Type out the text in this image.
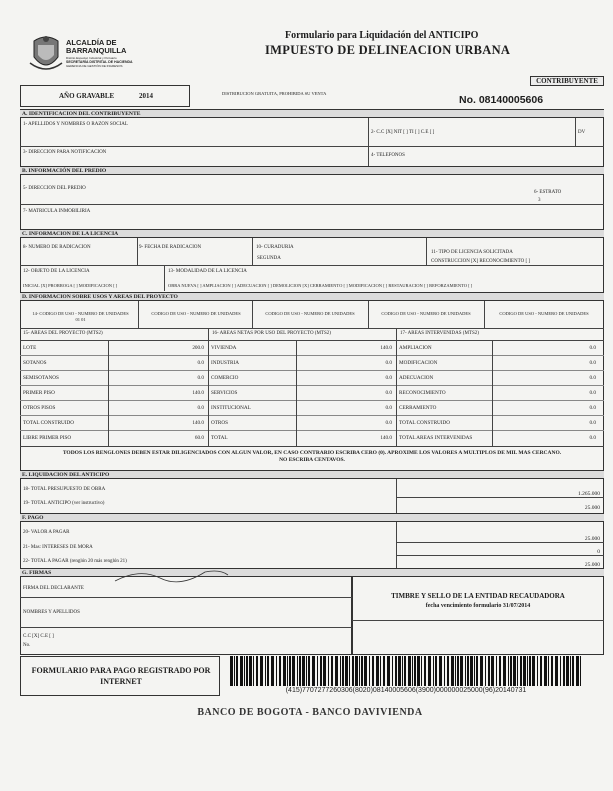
ALCALDÍA DE BARRANQUILLA
Distrito Especial, Industrial y Portuario
SECRETARÍA DISTRITAL DE HACIENDA
GERENCIA DE GESTIÓN DE INGRESOS
Formulario para Liquidación del ANTICIPO
IMPUESTO DE DELINEACION URBANA
CONTRIBUYENTE
AÑO GRAVABLE	2014	DISTRIBUCION GRATUITA, PROHIBIDA SU VENTA
No. 08140005606
A. IDENTIFICACION DEL CONTRIBUYENTE
1- APELLIDOS Y NOMBRES O RAZON SOCIAL
2- C.C [X] NIT [ ] TI [ ] C.E [ ]	DV
3- DIRECCION PARA NOTIFICACION
4- TELEFONOS
B. INFORMACIÓN DEL PREDIO
5- DIRECCION DEL PREDIO
6- ESTRATO
3
7- MATRICULA INMOBILIRIA
C. INFORMACION DE LA LICENCIA
8- NUMERO DE RADICACION	9- FECHA DE RADICACION	10- CURADURIA
SEGUNDA
11- TIPO DE LICENCIA SOLICITADA
CONSTRUCCION [X] RECONOCIMIENTO [ ]
12- OBJETO DE LA LICENCIA
INICIAL [X] PRORROGA [ ] MODIFICACION [ ]
13- MODALIDAD DE LA LICENCIA
OBRA NUEVA [ ] AMPLIACION [ ] ADECUACION [ ] DEMOLICION [X] CERRAMIENTO [ ] MODIFICACION [ ] RESTAURACION [ ] REFORZAMIENTO [ ]
D. INFORMACION SOBRE USOS Y AREAS DEL PROYECTO
14- CODIGO DE USO - NUMERO DE UNIDADES
01 01
CODIGO DE USO - NUMERO DE UNIDADES	CODIGO DE USO - NUMERO DE UNIDADES	CODIGO DE USO - NUMERO DE UNIDADES	CODIGO DE USO - NUMERO DE UNIDADES
15- AREAS DEL PROYECTO (MTS2)	16- AREAS NETAS POR USO DEL PROYECTO (MTS2)	17- AREAS INTERVENIDAS (MTS2)
LOTE	200.0 VIVIENDA	140.0 AMPLIACION	0.0
SOTANOS	0.0 INDUSTRIA	0.0 MODIFICACION	0.0
SEMISOTANOS	0.0 COMERCIO	0.0 ADECUACION	0.0
PRIMER PISO	140.0 SERVICIOS	0.0 RECONOCIMIENTO	0.0
OTROS PISOS	0.0 INSTITUCIONAL	0.0 CERRAMIENTO	0.0
TOTAL CONSTRUIDO	140.0 OTROS	0.0 TOTAL CONSTRUIDO	0.0
LIBRE PRIMER PISO	60.0 TOTAL	140.0 TOTAL AREAS INTERVENIDAS	0.0
TODOS LOS RENGLONES DEBEN ESTAR DILIGENCIADOS CON ALGUN VALOR, EN CASO CONTRARIO ESCRIBA CERO (0). APROXIME LOS VALORES A MULTIPLOS DE MIL MAS CERCANO.
NO ESCRIBA CENTAVOS.
E. LIQUIDACION DEL ANTICIPO
18- TOTAL PRESUPUESTO DE OBRA
1.265.000
19- TOTAL ANTICIPO (ver instructivo)
25.000
F. PAGO
20- VALOR A PAGAR
25.000
21- Mas: INTERESES DE MORA
0
22- TOTAL A PAGAR (renglón 20 más renglón 21)
25.000
G. FIRMAS
FIRMA DEL DECLARANTE
NOMBRES Y APELLIDOS
C.C [X] C.E [ ]
No.
TIMBRE Y SELLO DE LA ENTIDAD RECAUDADORA
fecha vencimiento formulario 31/07/2014
FORMULARIO PARA PAGO REGISTRADO POR INTERNET
(415)7707277260306(8020)08140005606(3900)000000025000(96)20140731
BANCO DE BOGOTA - BANCO DAVIVIENDA
